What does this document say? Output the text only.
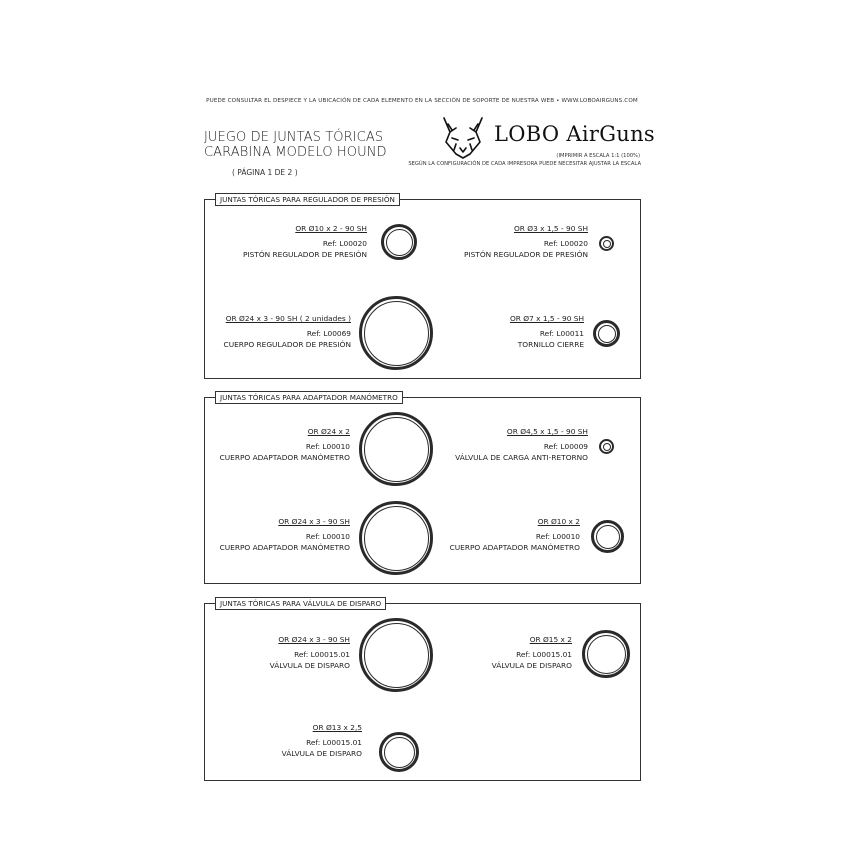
PUEDE CONSULTAR EL DESPIECE Y LA UBICACIÓN DE CADA ELEMENTO EN LA SECCIÓN DE SOPORTE DE NUESTRA WEB • WWW.LOBOAIRGUNS.COM
JUEGO DE JUNTAS TÓRICAS
CARABINA MODELO HOUND
( PÁGINA 1 DE 2 )
LOBO AirGuns
(IMPRIMIR A ESCALA 1:1 (100%)
SEGÚN LA CONFIGURACIÓN DE CADA IMPRESORA PUEDE NECESITAR AJUSTAR LA ESCALA
JUNTAS TÓRICAS PARA REGULADOR DE PRESIÓN
OR Ø10 x 2 - 90 SH
Ref: L00020
PISTÓN REGULADOR DE PRESIÓN
OR Ø3 x 1,5 - 90 SH
Ref: L00020
PISTÓN REGULADOR DE PRESIÓN
OR Ø24 x 3 - 90 SH ( 2 unidades )
Ref: L00069
CUERPO REGULADOR DE PRESIÓN
OR Ø7 x 1,5 - 90 SH
Ref: L00011
TORNILLO CIERRE
JUNTAS TÓRICAS PARA ADAPTADOR MANÓMETRO
OR Ø24 x 2
Ref: L00010
CUERPO ADAPTADOR MANÓMETRO
OR Ø4,5 x 1,5 - 90 SH
Ref: L00009
VÁLVULA DE CARGA ANTI-RETORNO
OR Ø24 x 3 - 90 SH
Ref: L00010
CUERPO ADAPTADOR MANÓMETRO
OR Ø10 x 2
Ref: L00010
CUERPO ADAPTADOR MANÓMETRO
JUNTAS TÓRICAS PARA VÁLVULA DE DISPARO
OR Ø24 x 3 - 90 SH
Ref: L00015.01
VÁLVULA DE DISPARO
OR Ø15 x 2
Ref: L00015.01
VÁLVULA DE DISPARO
OR Ø13 x 2,5
Ref: L00015.01
VÁLVULA DE DISPARO
